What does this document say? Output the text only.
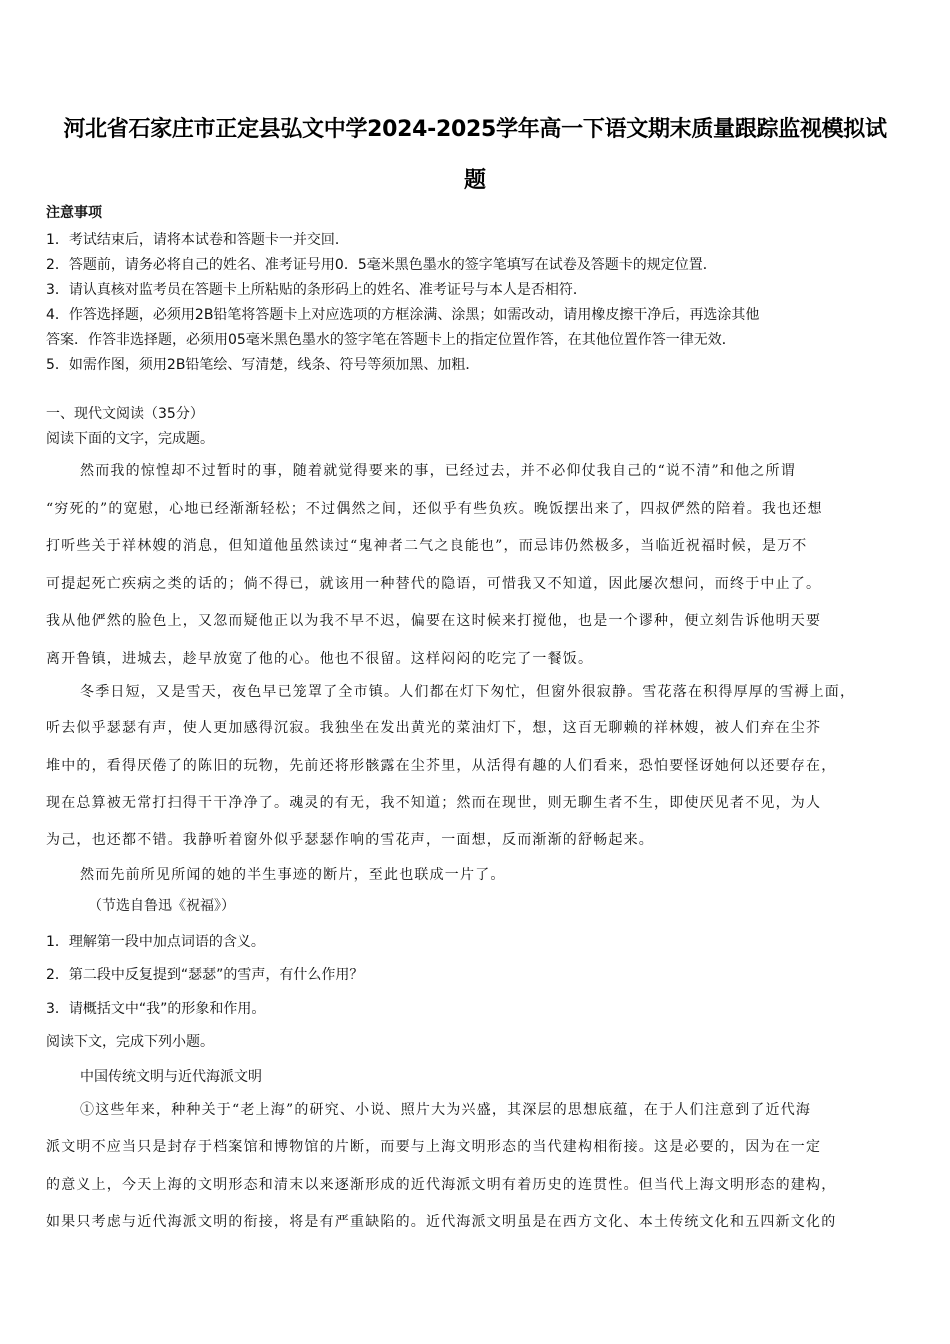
河北省石家庄市正定县弘文中学2024-2025学年高一下语文期末质量跟踪监视模拟试
题
注意事项
1．考试结束后，请将本试卷和答题卡一并交回．
2．答题前，请务必将自己的姓名、准考证号用0．5毫米黑色墨水的签字笔填写在试卷及答题卡的规定位置．
3．请认真核对监考员在答题卡上所粘贴的条形码上的姓名、准考证号与本人是否相符．
4．作答选择题，必须用2B铅笔将答题卡上对应选项的方框涂满、涂黑；如需改动，请用橡皮擦干净后，再选涂其他
答案．作答非选择题，必须用05毫米黑色墨水的签字笔在答题卡上的指定位置作答，在其他位置作答一律无效．
5．如需作图，须用2B铅笔绘、写清楚，线条、符号等须加黑、加粗．
一、现代文阅读（35分）
阅读下面的文字，完成题。
然而我的惊惶却不过暂时的事，随着就觉得要来的事，已经过去，并不必仰仗我自己的“说不清”和他之所谓
“穷死的”的宽慰，心地已经渐渐轻松；不过偶然之间，还似乎有些负疚。晚饭摆出来了，四叔俨然的陪着。我也还想
打听些关于祥林嫂的消息，但知道他虽然读过“鬼神者二气之良能也”，而忌讳仍然极多，当临近祝福时候，是万不
可提起死亡疾病之类的话的；倘不得已，就该用一种替代的隐语，可惜我又不知道，因此屡次想问，而终于中止了。
我从他俨然的脸色上，又忽而疑他正以为我不早不迟，偏要在这时候来打搅他，也是一个谬种，便立刻告诉他明天要
离开鲁镇，进城去，趁早放宽了他的心。他也不很留。这样闷闷的吃完了一餐饭。
冬季日短，又是雪天，夜色早已笼罩了全市镇。人们都在灯下匆忙，但窗外很寂静。雪花落在积得厚厚的雪褥上面，
听去似乎瑟瑟有声，使人更加感得沉寂。我独坐在发出黄光的菜油灯下，想，这百无聊赖的祥林嫂，被人们弃在尘芥
堆中的，看得厌倦了的陈旧的玩物，先前还将形骸露在尘芥里，从活得有趣的人们看来，恐怕要怪讶她何以还要存在，
现在总算被无常打扫得干干净净了。魂灵的有无，我不知道；然而在现世，则无聊生者不生，即使厌见者不见，为人
为己，也还都不错。我静听着窗外似乎瑟瑟作响的雪花声，一面想，反而渐渐的舒畅起来。
然而先前所见所闻的她的半生事迹的断片，至此也联成一片了。
（节选自鲁迅《祝福》）
1．理解第一段中加点词语的含义。
2．第二段中反复提到“瑟瑟”的雪声，有什么作用？
3．请概括文中“我”的形象和作用。
阅读下文，完成下列小题。
中国传统文明与近代海派文明
①这些年来，种种关于“老上海”的研究、小说、照片大为兴盛，其深层的思想底蕴，在于人们注意到了近代海
派文明不应当只是封存于档案馆和博物馆的片断，而要与上海文明形态的当代建构相衔接。这是必要的，因为在一定
的意义上，今天上海的文明形态和清末以来逐渐形成的近代海派文明有着历史的连贯性。但当代上海文明形态的建构，
如果只考虑与近代海派文明的衔接，将是有严重缺陷的。近代海派文明虽是在西方文化、本土传统文化和五四新文化的
